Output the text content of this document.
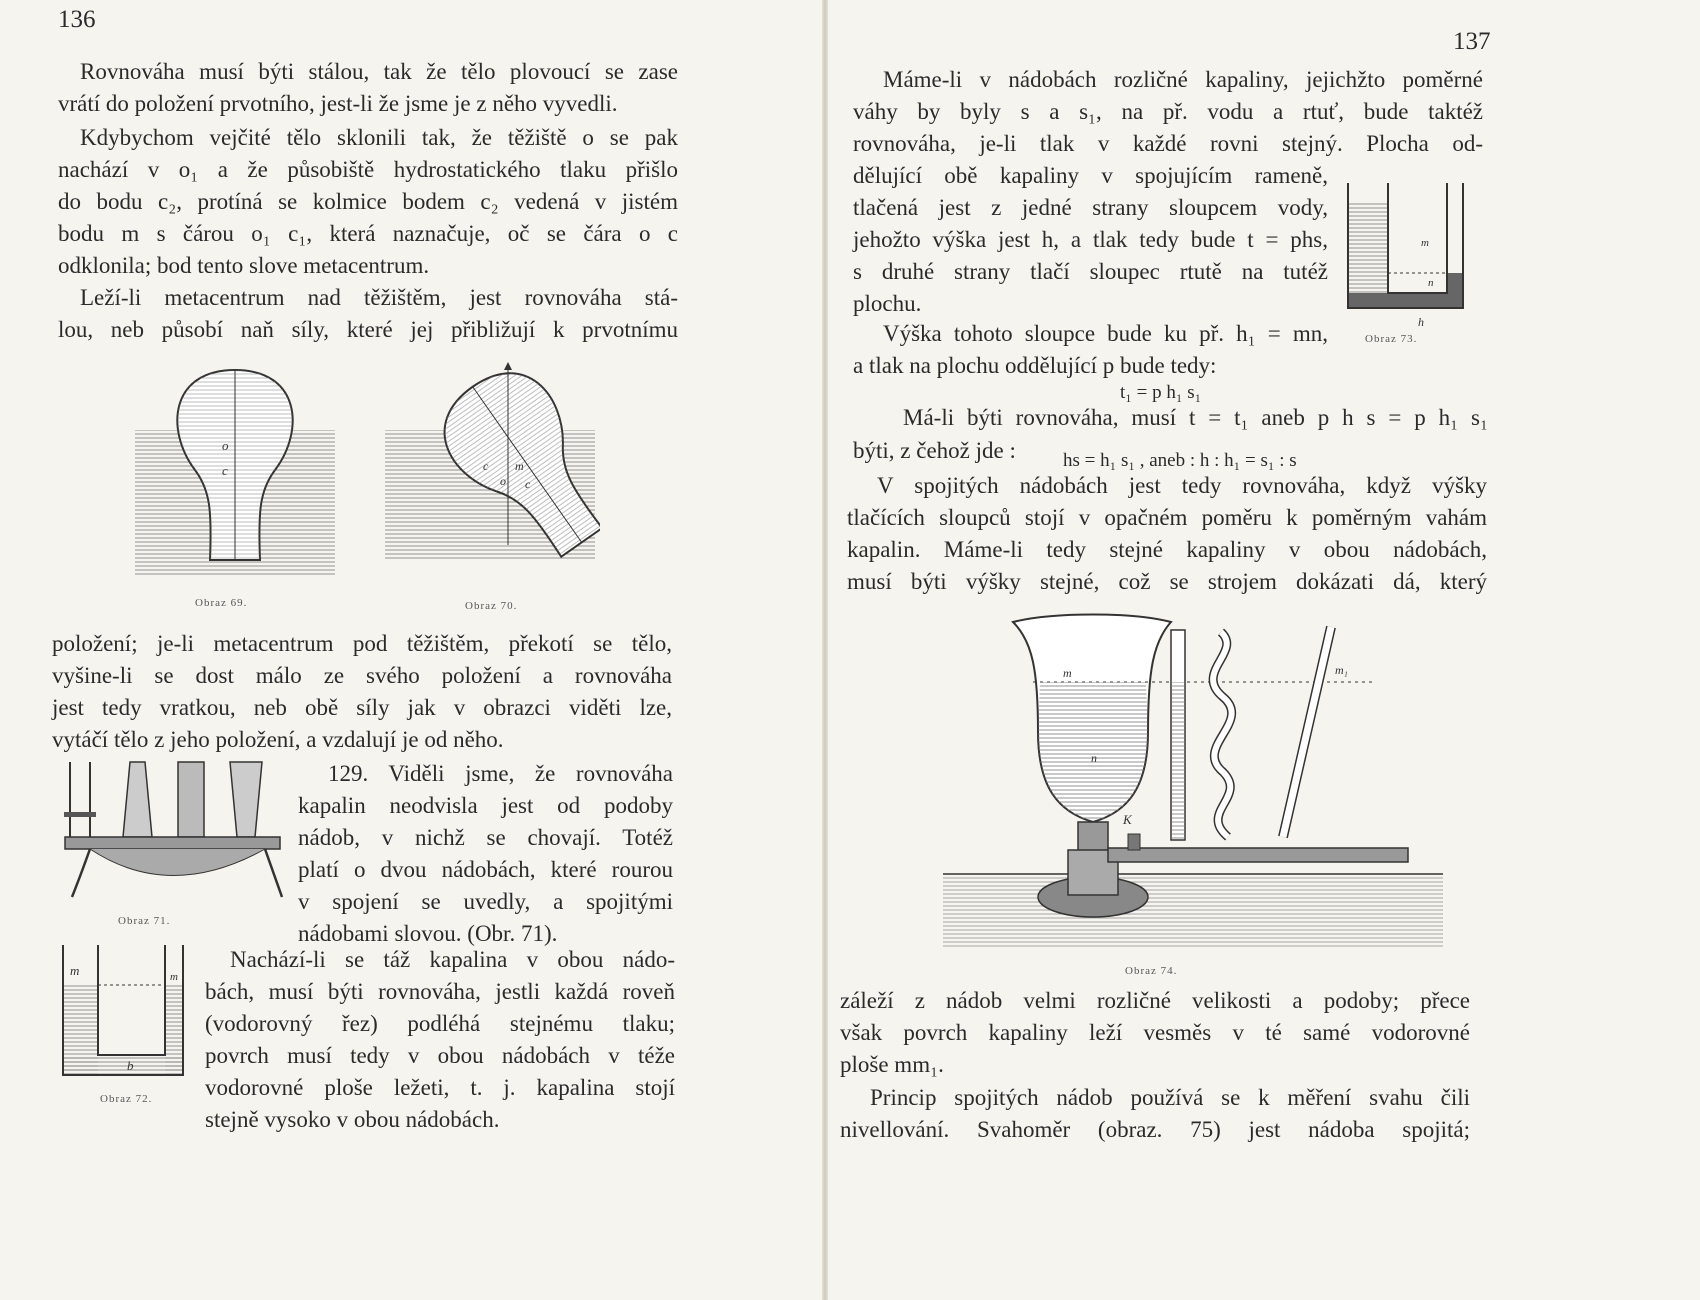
136
Rovnováha musí býti stálou, tak že tělo plovoucí se zase
vrátí do položení prvotního, jest-li že jsme je z něho vyvedli.
Kdybychom vejčité tělo sklonili tak, že těžiště o se pak
nachází v o₁ a že působiště hydrostatického tlaku přišlo
do bodu c₂, protíná se kolmice bodem c₂ vedená v jistém
bodu m s čárou o₁ c₁, která naznačuje, oč se čára o c
odklonila; bod tento slove metacentrum.
Leží-li metacentrum nad těžištěm, jest rovnováha stá-
lou, neb působí naň síly, které jej přibližují k prvotnímu
o
c
Obraz 69.
c m
o c
Obraz 70.
položení; je-li metacentrum pod těžištěm, překotí se tělo,
vyšine-li se dost málo ze svého položení a rovnováha
jest tedy vratkou, neb obě síly jak v obrazci viděti lze,
vytáčí tělo z jeho položení, a vzdalují je od něho.
Obraz 71.
129. Viděli jsme, že rovnováha
kapalin neodvisla jest od podoby
nádob, v nichž se chovají. Totéž
platí o dvou nádobách, které rourou
v spojení se uvedly, a spojitými
nádobami slovou. (Obr. 71).
m	m
b
Obraz 72.
Nachází-li se táž kapalina v obou nádo-
bách, musí býti rovnováha, jestli každá roveň
(vodorovný řez) podléhá stejnému tlaku;
povrch musí tedy v obou nádobách v téže
vodorovné ploše ležeti, t. j. kapalina stojí
stejně vysoko v obou nádobách.
137
Máme-li v nádobách rozličné kapaliny, jejichžto poměrné
váhy by byly s a s₁, na př. vodu a rtuť, bude taktéž
rovnováha, je-li tlak v každé rovni stejný. Plocha od-
dělující obě kapaliny v spojujícím rameně,
tlačená jest z jedné strany sloupcem vody,
jehožto výška jest h, a tlak tedy bude t = phs,
s druhé strany tlačí sloupec rtutě na tutéž
plochu.
m
n
h
Obraz 73.
Výška tohoto sloupce bude ku př. h₁ = mn,
a tlak na plochu oddělující p bude tedy:
t₁ = p h₁ s₁
Má-li býti rovnováha, musí t = t₁ aneb p h s = p h₁ s₁
býti, z čehož jde : hs = h₁ s₁ , aneb : h : h₁ = s₁ : s
V spojitých nádobách jest tedy rovnováha, když výšky
tlačících sloupců stojí v opačném poměru k poměrným vahám
kapalin. Máme-li tedy stejné kapaliny v obou nádobách,
musí býti výšky stejné, což se strojem dokázati dá, který
m	m₁
n
K
Obraz 74.
záleží z nádob velmi rozličné velikosti a podoby; přece
však povrch kapaliny leží vesměs v té samé vodorovné
ploše mm₁.
Princip spojitých nádob používá se k měření svahu čili
nivellování. Svahoměr (obraz. 75) jest nádoba spojitá;
